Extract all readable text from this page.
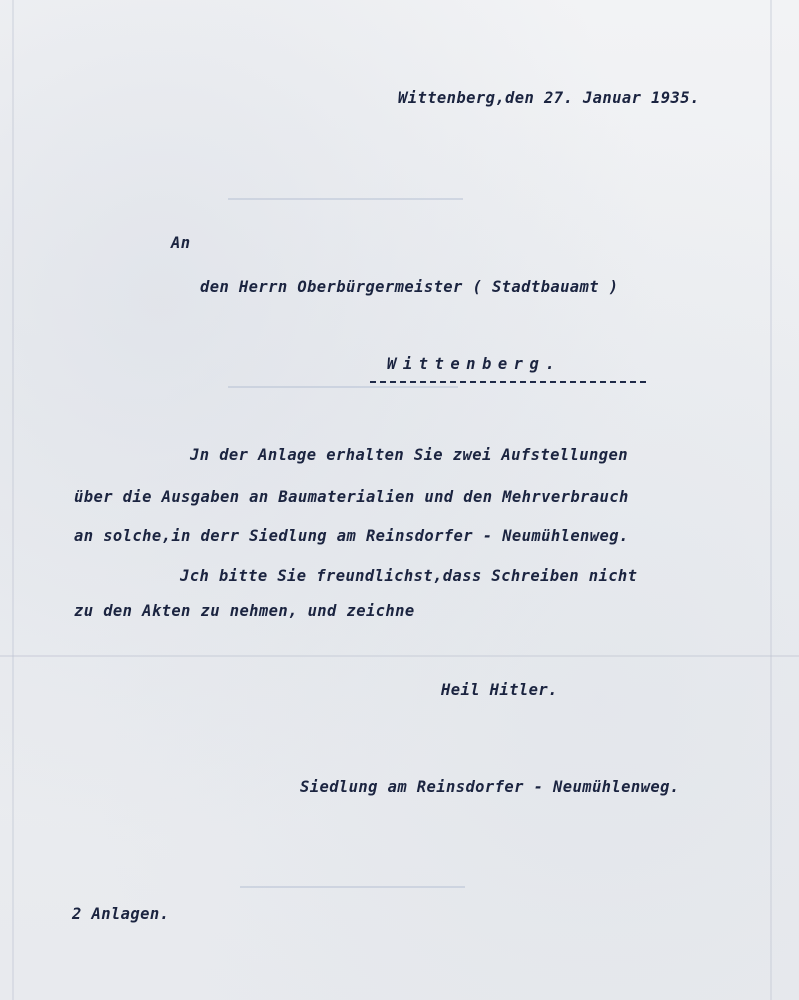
Wittenberg,den 27. Januar 1935.

An

den Herrn Oberbürgermeister ( Stadtbauamt )

Wittenberg.

Jn der Anlage erhalten Sie zwei Aufstellungen

über die Ausgaben an Baumaterialien und den Mehrverbrauch

an solche,in derr Siedlung am Reinsdorfer - Neumühlenweg.

Jch bitte Sie freundlichst,dass Schreiben nicht

zu den Akten zu nehmen, und zeichne

Heil Hitler.

Siedlung am Reinsdorfer - Neumühlenweg.

2 Anlagen.
